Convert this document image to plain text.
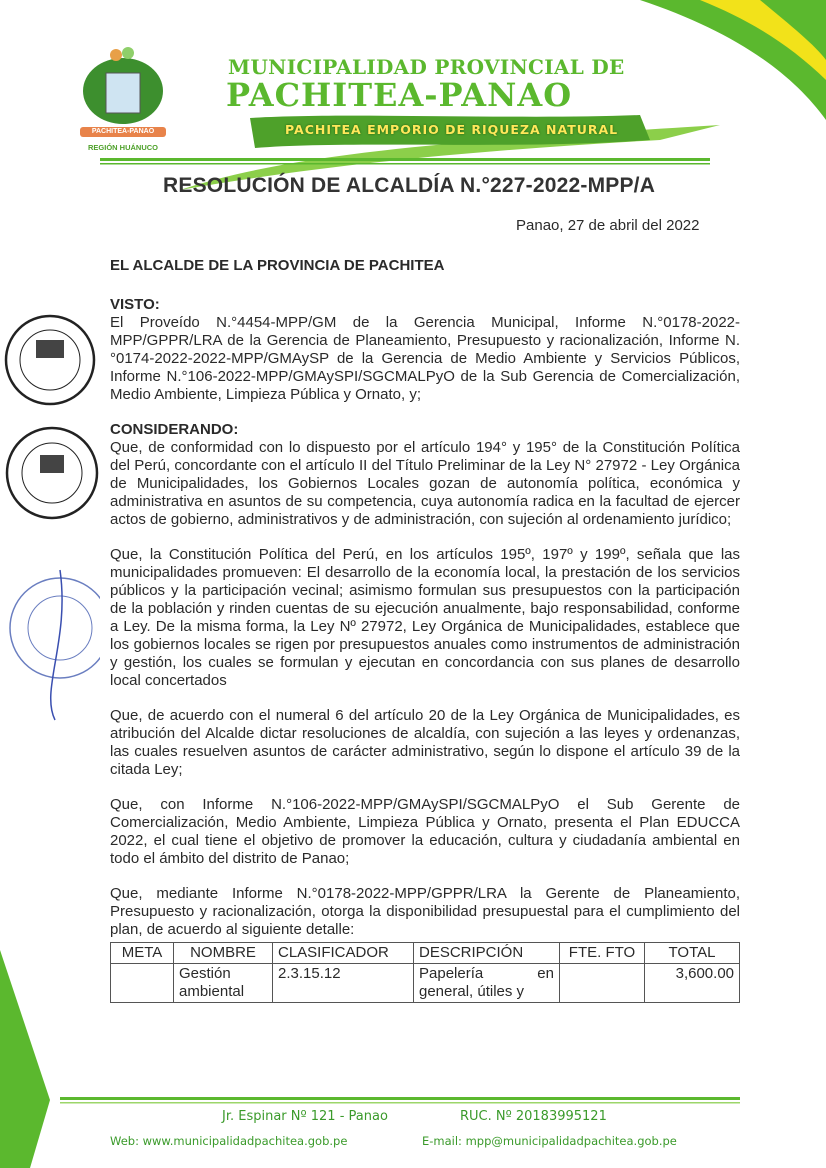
MUNICIPALIDAD PROVINCIAL DE
PACHITEA-PANAO
PACHITEA EMPORIO DE RIQUEZA NATURAL
PACHITEA-PANAO
REGIÓN HUÁNUCO
RESOLUCIÓN DE ALCALDÍA N.°227-2022-MPP/A
Panao, 27 de abril del 2022
EL ALCALDE DE LA PROVINCIA DE PACHITEA
VISTO:
El Proveído N.°4454-MPP/GM de la Gerencia Municipal, Informe N.°0178-2022-MPP/GPPR/LRA de la Gerencia de Planeamiento, Presupuesto y racionalización, Informe N.°0174-2022-2022-MPP/GMAySP de la Gerencia de Medio Ambiente y Servicios Públicos, Informe N.°106-2022-MPP/GMAySPI/SGCMALPyO de la Sub Gerencia de Comercialización, Medio Ambiente, Limpieza Pública y Ornato, y;
CONSIDERANDO:
Que, de conformidad con lo dispuesto por el artículo 194° y 195° de la Constitución Política del Perú, concordante con el artículo II del Título Preliminar de la Ley N° 27972 - Ley Orgánica de Municipalidades, los Gobiernos Locales gozan de autonomía política, económica y administrativa en asuntos de su competencia, cuya autonomía radica en la facultad de ejercer actos de gobierno, administrativos y de administración, con sujeción al ordenamiento jurídico;
Que, la Constitución Política del Perú, en los artículos 195º, 197º y 199º, señala que las municipalidades promueven: El desarrollo de la economía local, la prestación de los servicios públicos y la participación vecinal; asimismo formulan sus presupuestos con la participación de la población y rinden cuentas de su ejecución anualmente, bajo responsabilidad, conforme a Ley. De la misma forma, la Ley Nº 27972, Ley Orgánica de Municipalidades, establece que los gobiernos locales se rigen por presupuestos anuales como instrumentos de administración y gestión, los cuales se formulan y ejecutan en concordancia con sus planes de desarrollo local concertados
Que, de acuerdo con el numeral 6 del artículo 20 de la Ley Orgánica de Municipalidades, es atribución del Alcalde dictar resoluciones de alcaldía, con sujeción a las leyes y ordenanzas, las cuales resuelven asuntos de carácter administrativo, según lo dispone el artículo 39 de la citada Ley;
Que, con Informe N.°106-2022-MPP/GMAySPI/SGCMALPyO el Sub Gerente de Comercialización, Medio Ambiente, Limpieza Pública y Ornato, presenta el Plan EDUCCA 2022, el cual tiene el objetivo de promover la educación, cultura y ciudadanía ambiental en todo el ámbito del distrito de Panao;
Que, mediante Informe N.°0178-2022-MPP/GPPR/LRA la Gerente de Planeamiento, Presupuesto y racionalización, otorga la disponibilidad presupuestal para el cumplimiento del plan, de acuerdo al siguiente detalle:
META	NOMBRE	CLASIFICADOR	DESCRIPCIÓN	FTE. FTO	TOTAL
	Gestión ambiental	2.3.15.12	Papelería en general, útiles y		3,600.00
Jr. Espinar Nº 121 - Panao	RUC. Nº 20183995121
Web: www.municipalidadpachitea.gob.pe	E-mail: mpp@municipalidadpachitea.gob.pe
